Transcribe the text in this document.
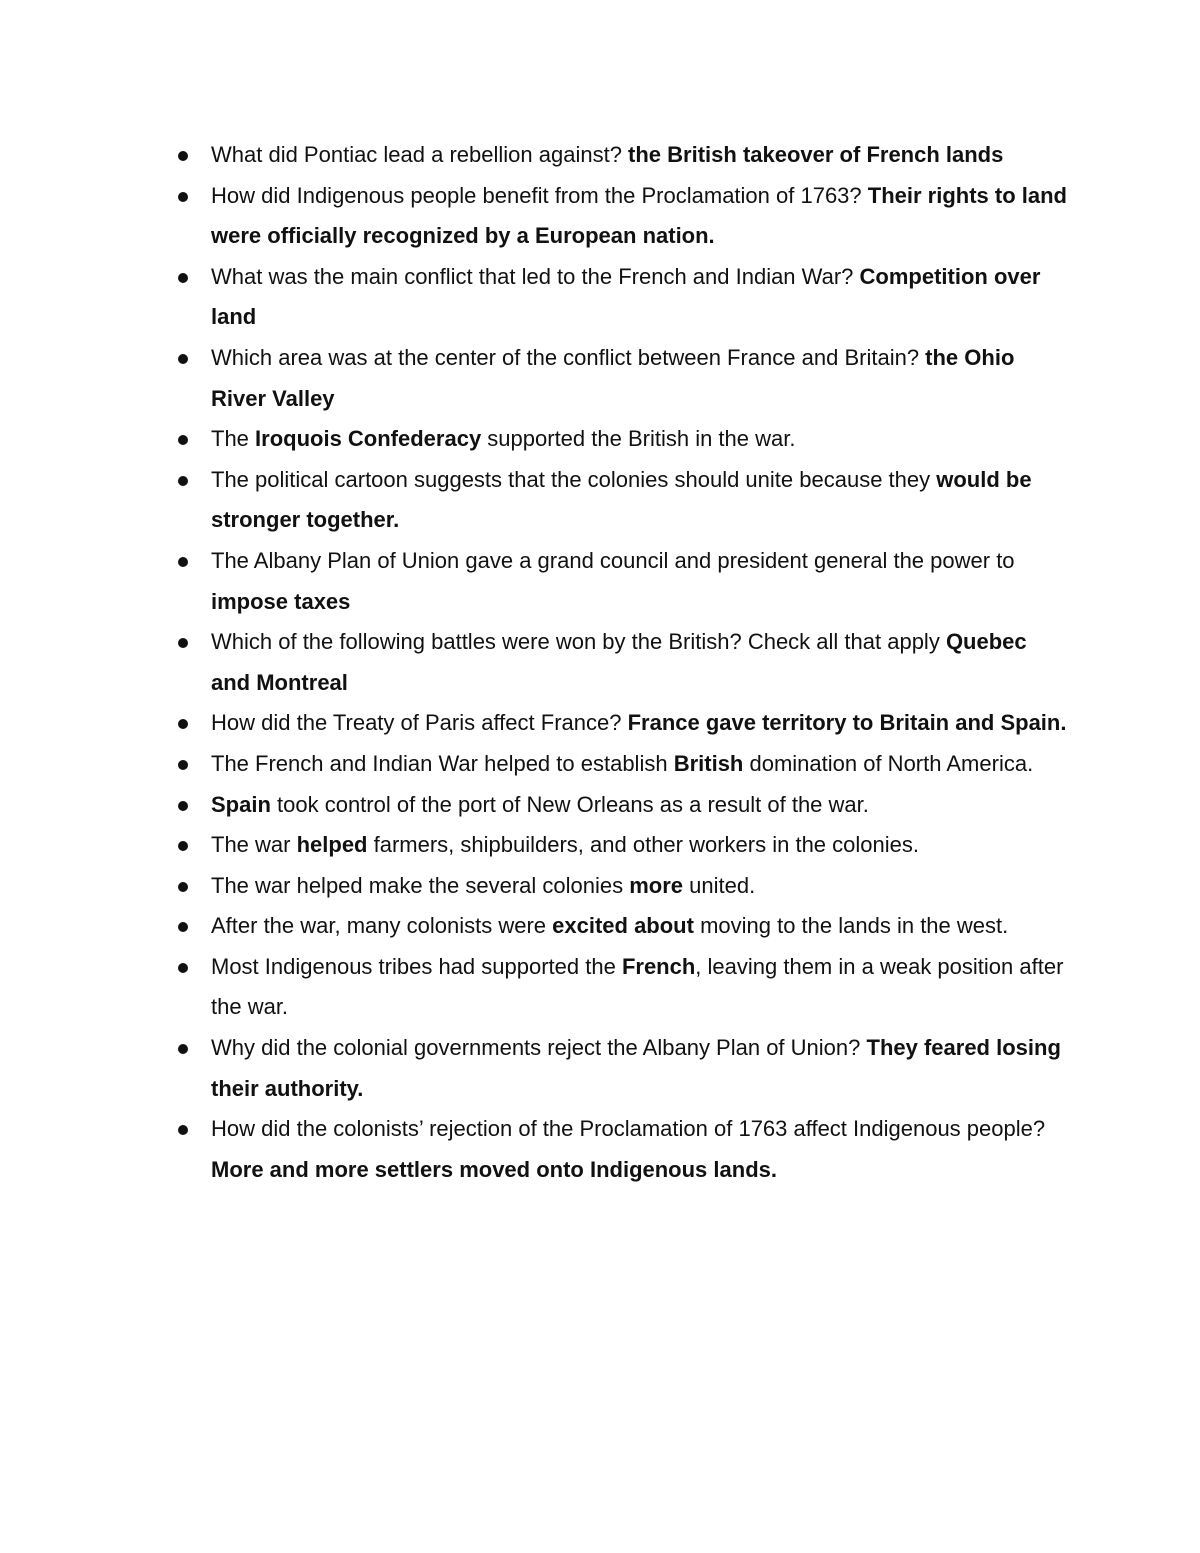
What did Pontiac lead a rebellion against? the British takeover of French lands
How did Indigenous people benefit from the Proclamation of 1763? Their rights to land were officially recognized by a European nation.
What was the main conflict that led to the French and Indian War? Competition over land
Which area was at the center of the conflict between France and Britain? the Ohio River Valley
The Iroquois Confederacy supported the British in the war.
The political cartoon suggests that the colonies should unite because they would be stronger together.
The Albany Plan of Union gave a grand council and president general the power to impose taxes
Which of the following battles were won by the British? Check all that apply Quebec and Montreal
How did the Treaty of Paris affect France? France gave territory to Britain and Spain.
The French and Indian War helped to establish British domination of North America.
Spain took control of the port of New Orleans as a result of the war.
The war helped farmers, shipbuilders, and other workers in the colonies.
The war helped make the several colonies more united.
After the war, many colonists were excited about moving to the lands in the west.
Most Indigenous tribes had supported the French, leaving them in a weak position after the war.
Why did the colonial governments reject the Albany Plan of Union? They feared losing their authority.
How did the colonists’ rejection of the Proclamation of 1763 affect Indigenous people? More and more settlers moved onto Indigenous lands.
